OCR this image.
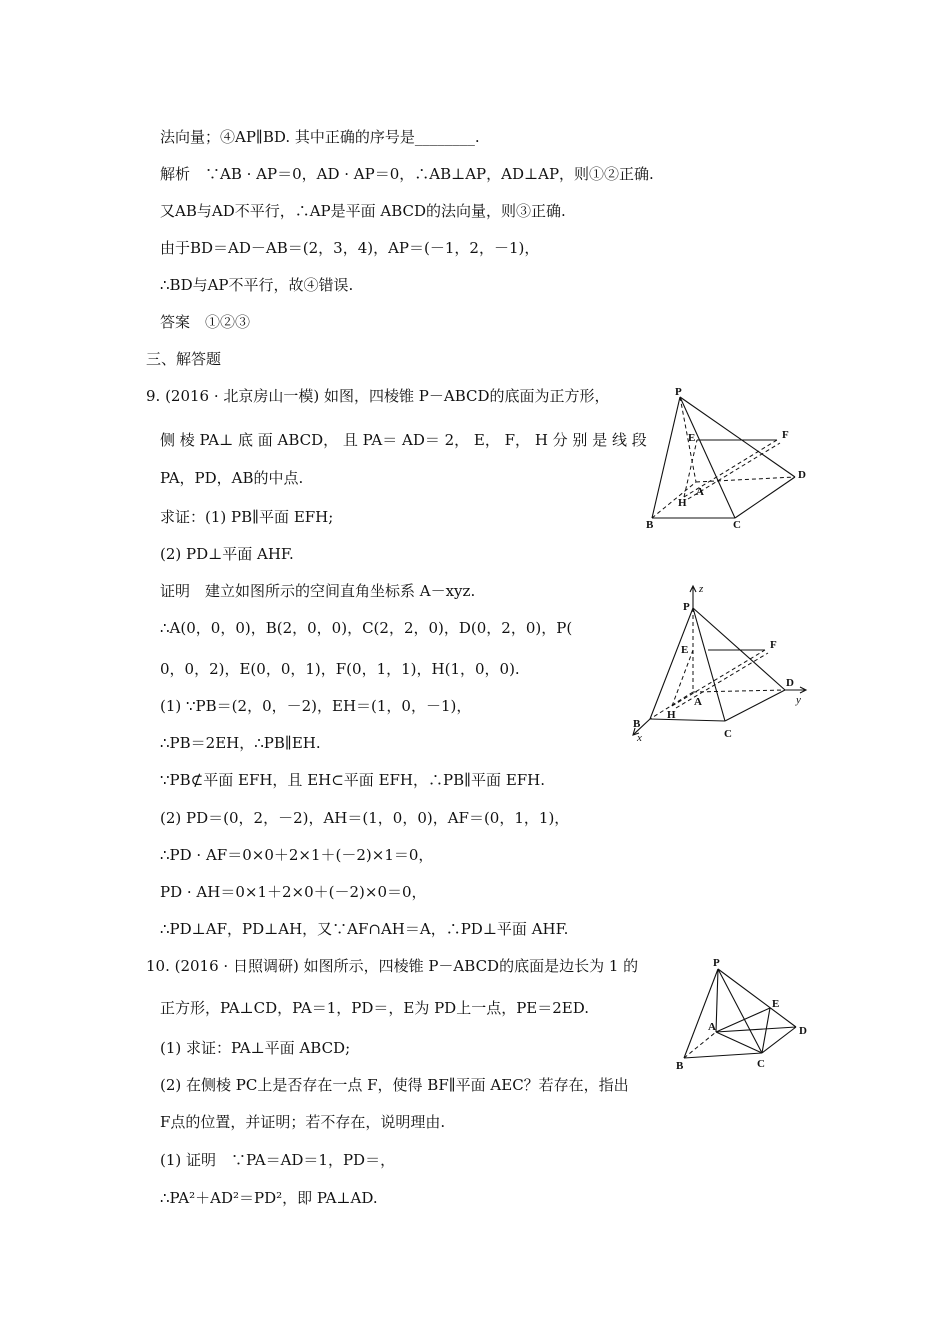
法向量；④AP∥BD. 其中正确的序号是________.
解析　∵AB · AP＝0，AD · AP＝0，∴AB⊥AP，AD⊥AP，则①②正确.
又AB与AD不平行，∴AP是平面 ABCD的法向量，则③正确.
由于BD＝AD－AB＝(2，3，4)，AP＝(－1，2，－1)，
∴BD与AP不平行，故④错误.
答案　①②③
三、解答题
9. (2016 · 北京房山一模) 如图，四棱锥 P－ABCD的底面为正方形，
侧 棱 PA⊥ 底 面 ABCD， 且 PA＝ AD＝ 2， E， F， H 分 别 是 线 段
PA，PD，AB的中点.
求证：(1) PB∥平面 EFH;
(2) PD⊥平面 AHF.
证明　建立如图所示的空间直角坐标系 A－xyz.
∴A(0，0，0)，B(2，0，0)，C(2，2，0)，D(0，2，0)，P(
0，0，2)，E(0，0，1)，F(0，1，1)，H(1，0，0).
(1) ∵PB＝(2，0，－2)，EH＝(1，0，－1)，
∴PB＝2EH，∴PB∥EH.
∵PB⊄平面 EFH，且 EH⊂平面 EFH，∴PB∥平面 EFH.
(2) PD＝(0，2，－2)，AH＝(1，0，0)，AF＝(0，1，1)，
∴PD · AF＝0×0＋2×1＋(－2)×1＝0，
PD · AH＝0×1＋2×0＋(－2)×0＝0，
∴PD⊥AF，PD⊥AH，又∵AF∩AH＝A，∴PD⊥平面 AHF.
10. (2016 · 日照调研) 如图所示，四棱锥 P－ABCD的底面是边长为 1 的
正方形，PA⊥CD，PA＝1，PD＝，E为 PD上一点，PE＝2ED.
(1) 求证：PA⊥平面 ABCD;
(2) 在侧棱 PC上是否存在一点 F，使得 BF∥平面 AEC？若存在，指出
F点的位置，并证明；若不存在，说明理由.
(1) 证明　∵PA＝AD＝1，PD＝，
∴PA²＋AD²＝PD²，即 PA⊥AD.
P
E	F
D
A
H
B	C
z
P
E	F
D
y
A
H
B
x	C
P
E
A	D
B	C
